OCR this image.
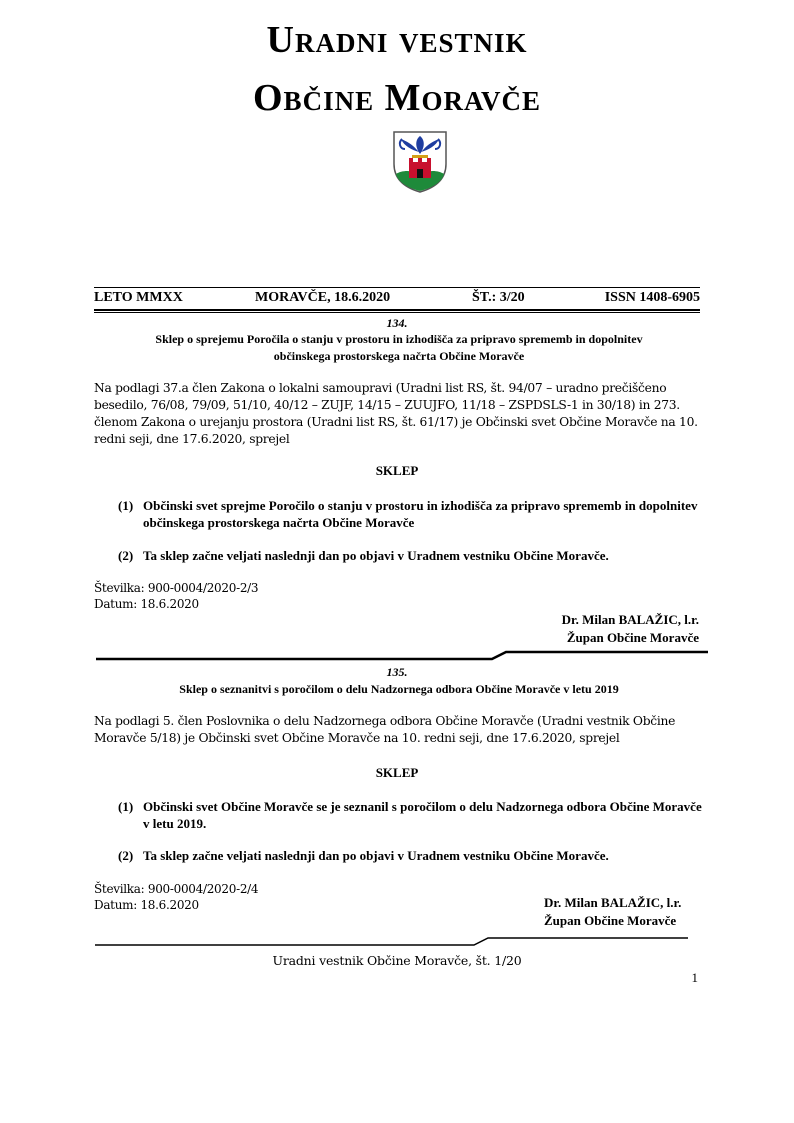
Uradni vestnik
Občine Moravče
LETO MMXX	MORAVČE, 18.6.2020	ŠT.: 3/20	ISSN 1408-6905
134.
Sklep o sprejemu Poročila o stanju v prostoru in izhodišča za pripravo sprememb in dopolnitev
občinskega prostorskega načrta Občine Moravče
Na podlagi 37.a člen Zakona o lokalni samoupravi (Uradni list RS, št. 94/07 – uradno prečiščeno besedilo, 76/08, 79/09, 51/10, 40/12 – ZUJF, 14/15 – ZUUJFO, 11/18 – ZSPDSLS-1 in 30/18) in 273. členom Zakona o urejanju prostora (Uradni list RS, št. 61/17) je Občinski svet Občine Moravče na 10. redni seji, dne 17.6.2020, sprejel
SKLEP
(1) Občinski svet sprejme Poročilo o stanju v prostoru in izhodišča za pripravo sprememb in dopolnitev občinskega prostorskega načrta Občine Moravče
(2) Ta sklep začne veljati naslednji dan po objavi v Uradnem vestniku Občine Moravče.
Številka: 900-0004/2020-2/3
Datum: 18.6.2020
Dr. Milan BALAŽIC, l.r.
Župan Občine Moravče
135.
Sklep o seznanitvi s poročilom o delu Nadzornega odbora Občine Moravče v letu 2019
Na podlagi 5. člen Poslovnika o delu Nadzornega odbora Občine Moravče (Uradni vestnik Občine Moravče 5/18) je Občinski svet Občine Moravče na 10. redni seji, dne 17.6.2020, sprejel
SKLEP
(1) Občinski svet Občine Moravče se je seznanil s poročilom o delu Nadzornega odbora Občine Moravče v letu 2019.
(2) Ta sklep začne veljati naslednji dan po objavi v Uradnem vestniku Občine Moravče.
Številka: 900-0004/2020-2/4
Datum: 18.6.2020	Dr. Milan BALAŽIC, l.r.
Župan Občine Moravče
Uradni vestnik Občine Moravče, št. 1/20
1
